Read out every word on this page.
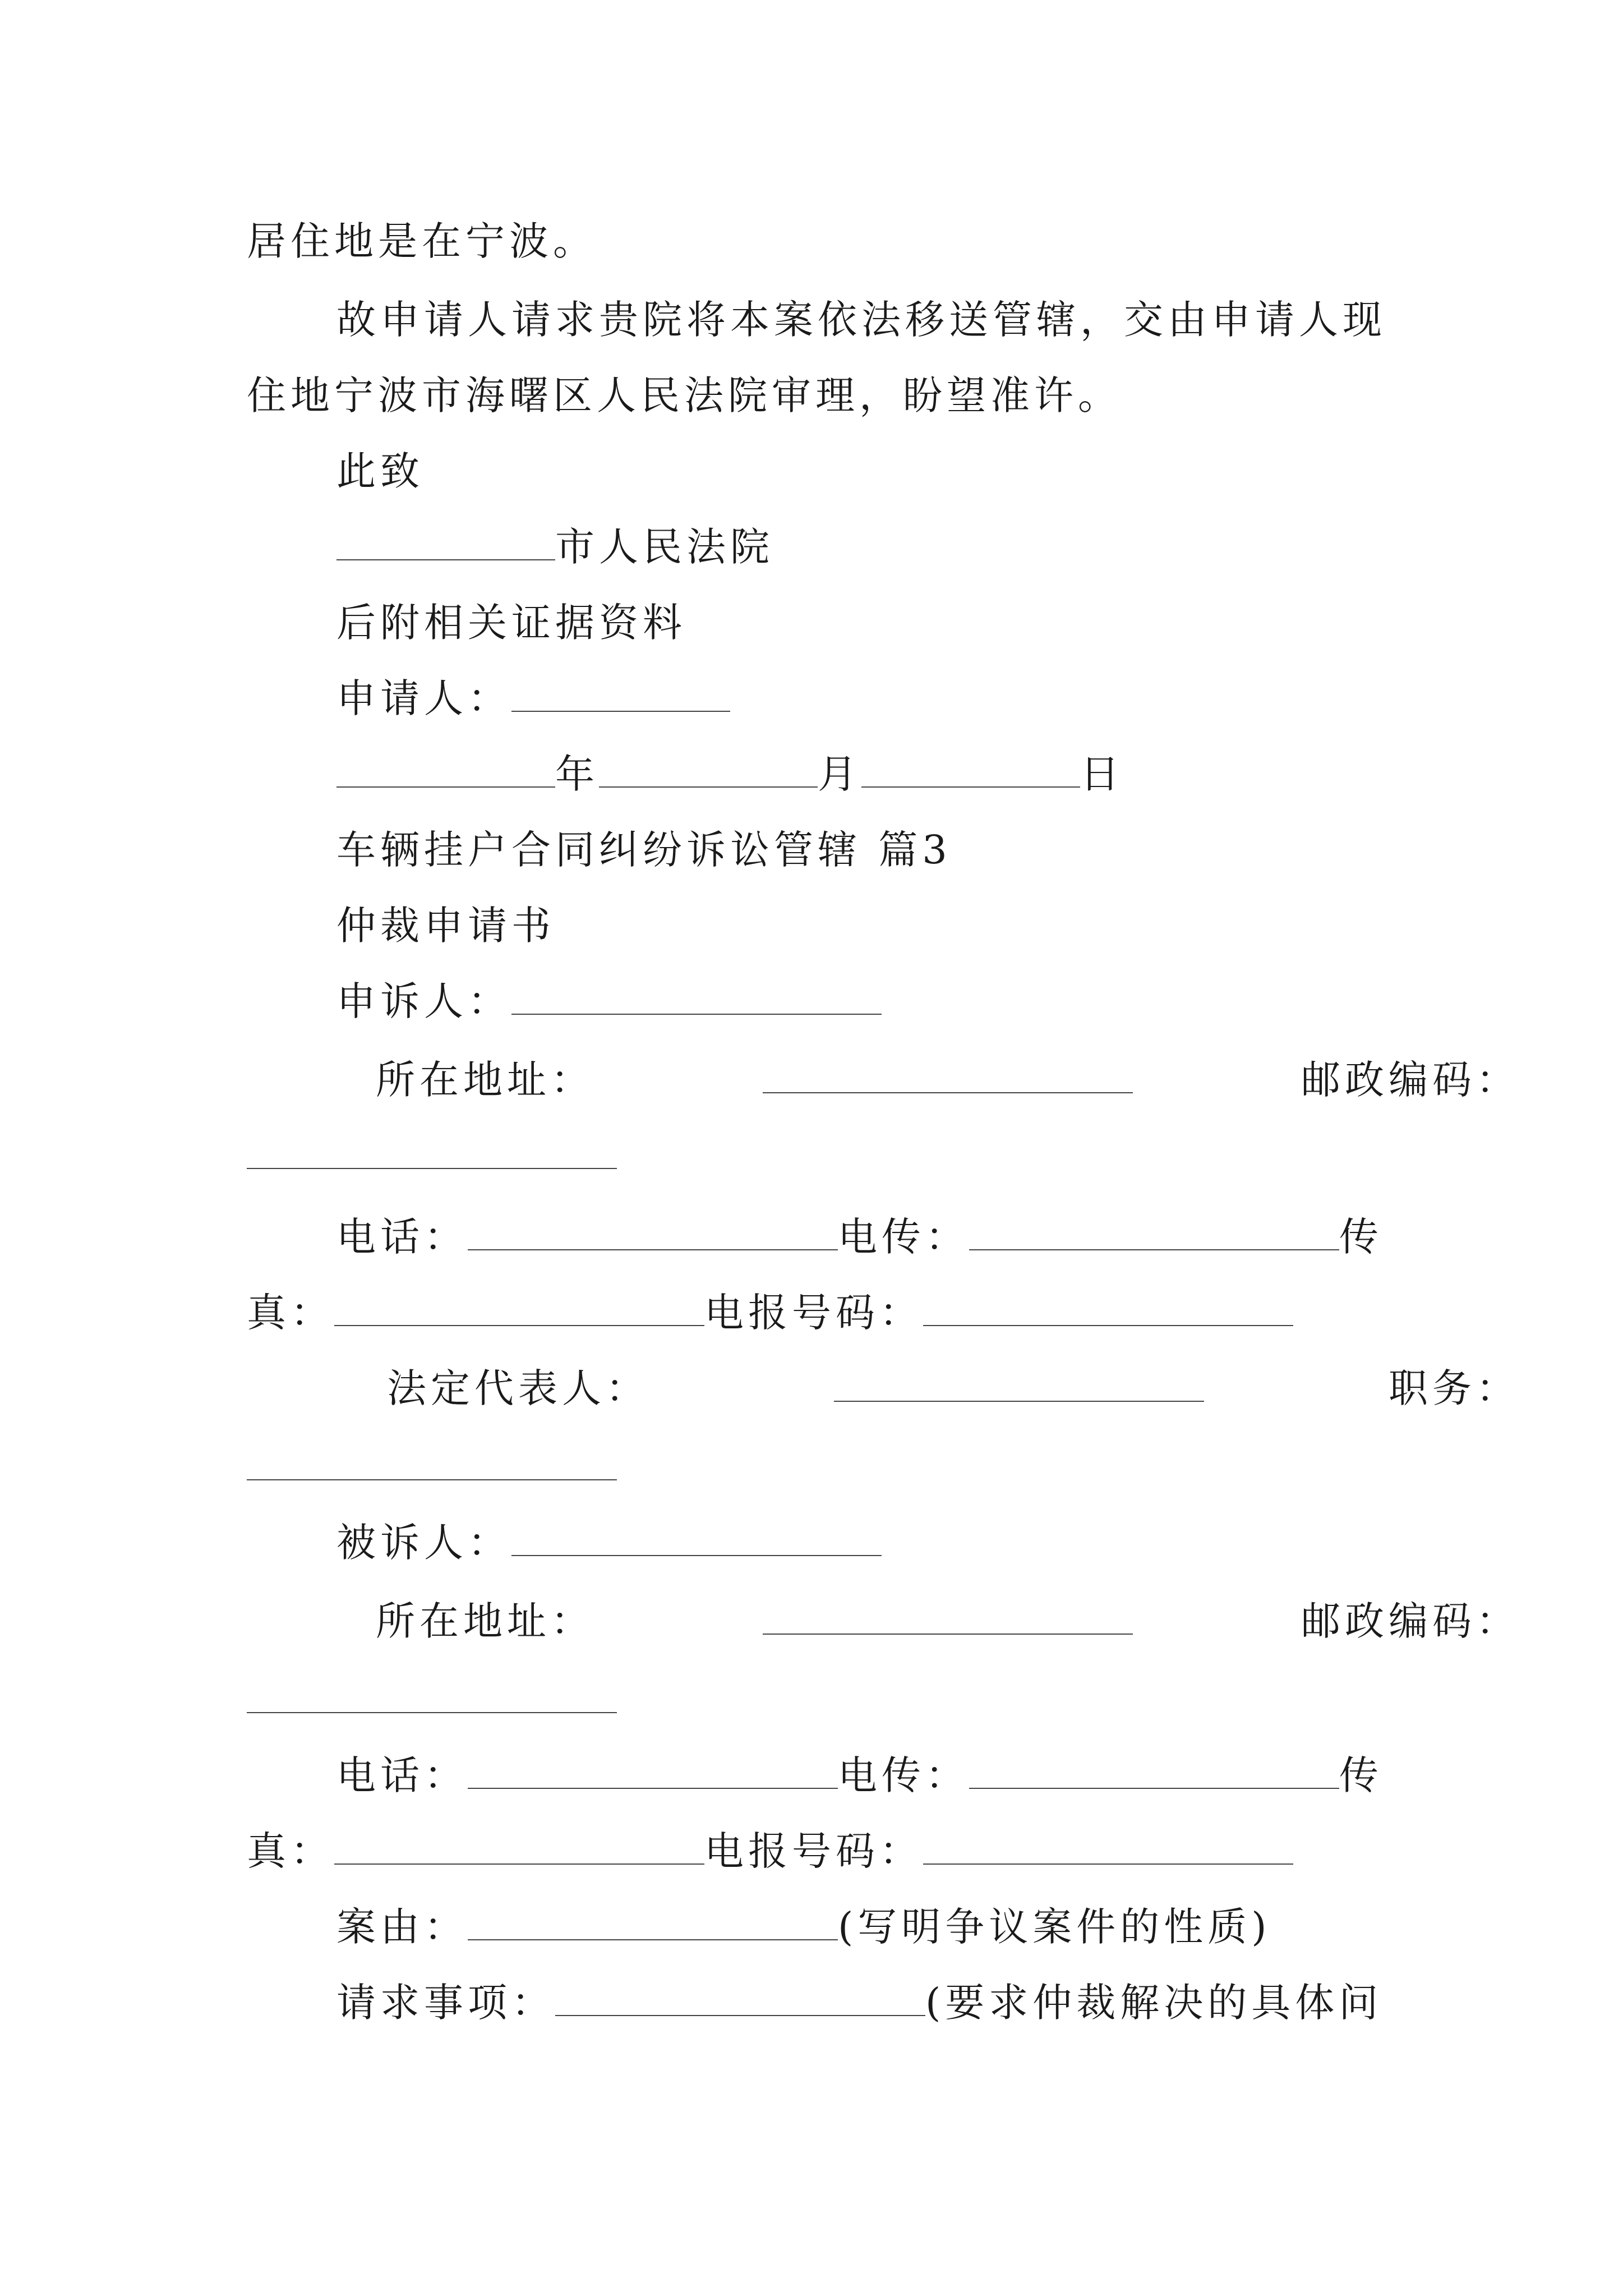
居住地是在宁波。
故申请人请求贵院将本案依法移送管辖，交由申请人现
住地宁波市海曙区人民法院审理，盼望准许。
此致
市人民法院
后附相关证据资料
申请人：
年	月	日
车辆挂户合同纠纷诉讼管辖 篇3
仲裁申请书
申诉人：
所在地址：	邮政编码：
电话：	电传：	传
真：	电报号码：
法定代表人：	职务：
被诉人：
所在地址：	邮政编码：
电话：	电传：	传
真：	电报号码：
案由：	(写明争议案件的性质)
请求事项：	(要求仲裁解决的具体问
